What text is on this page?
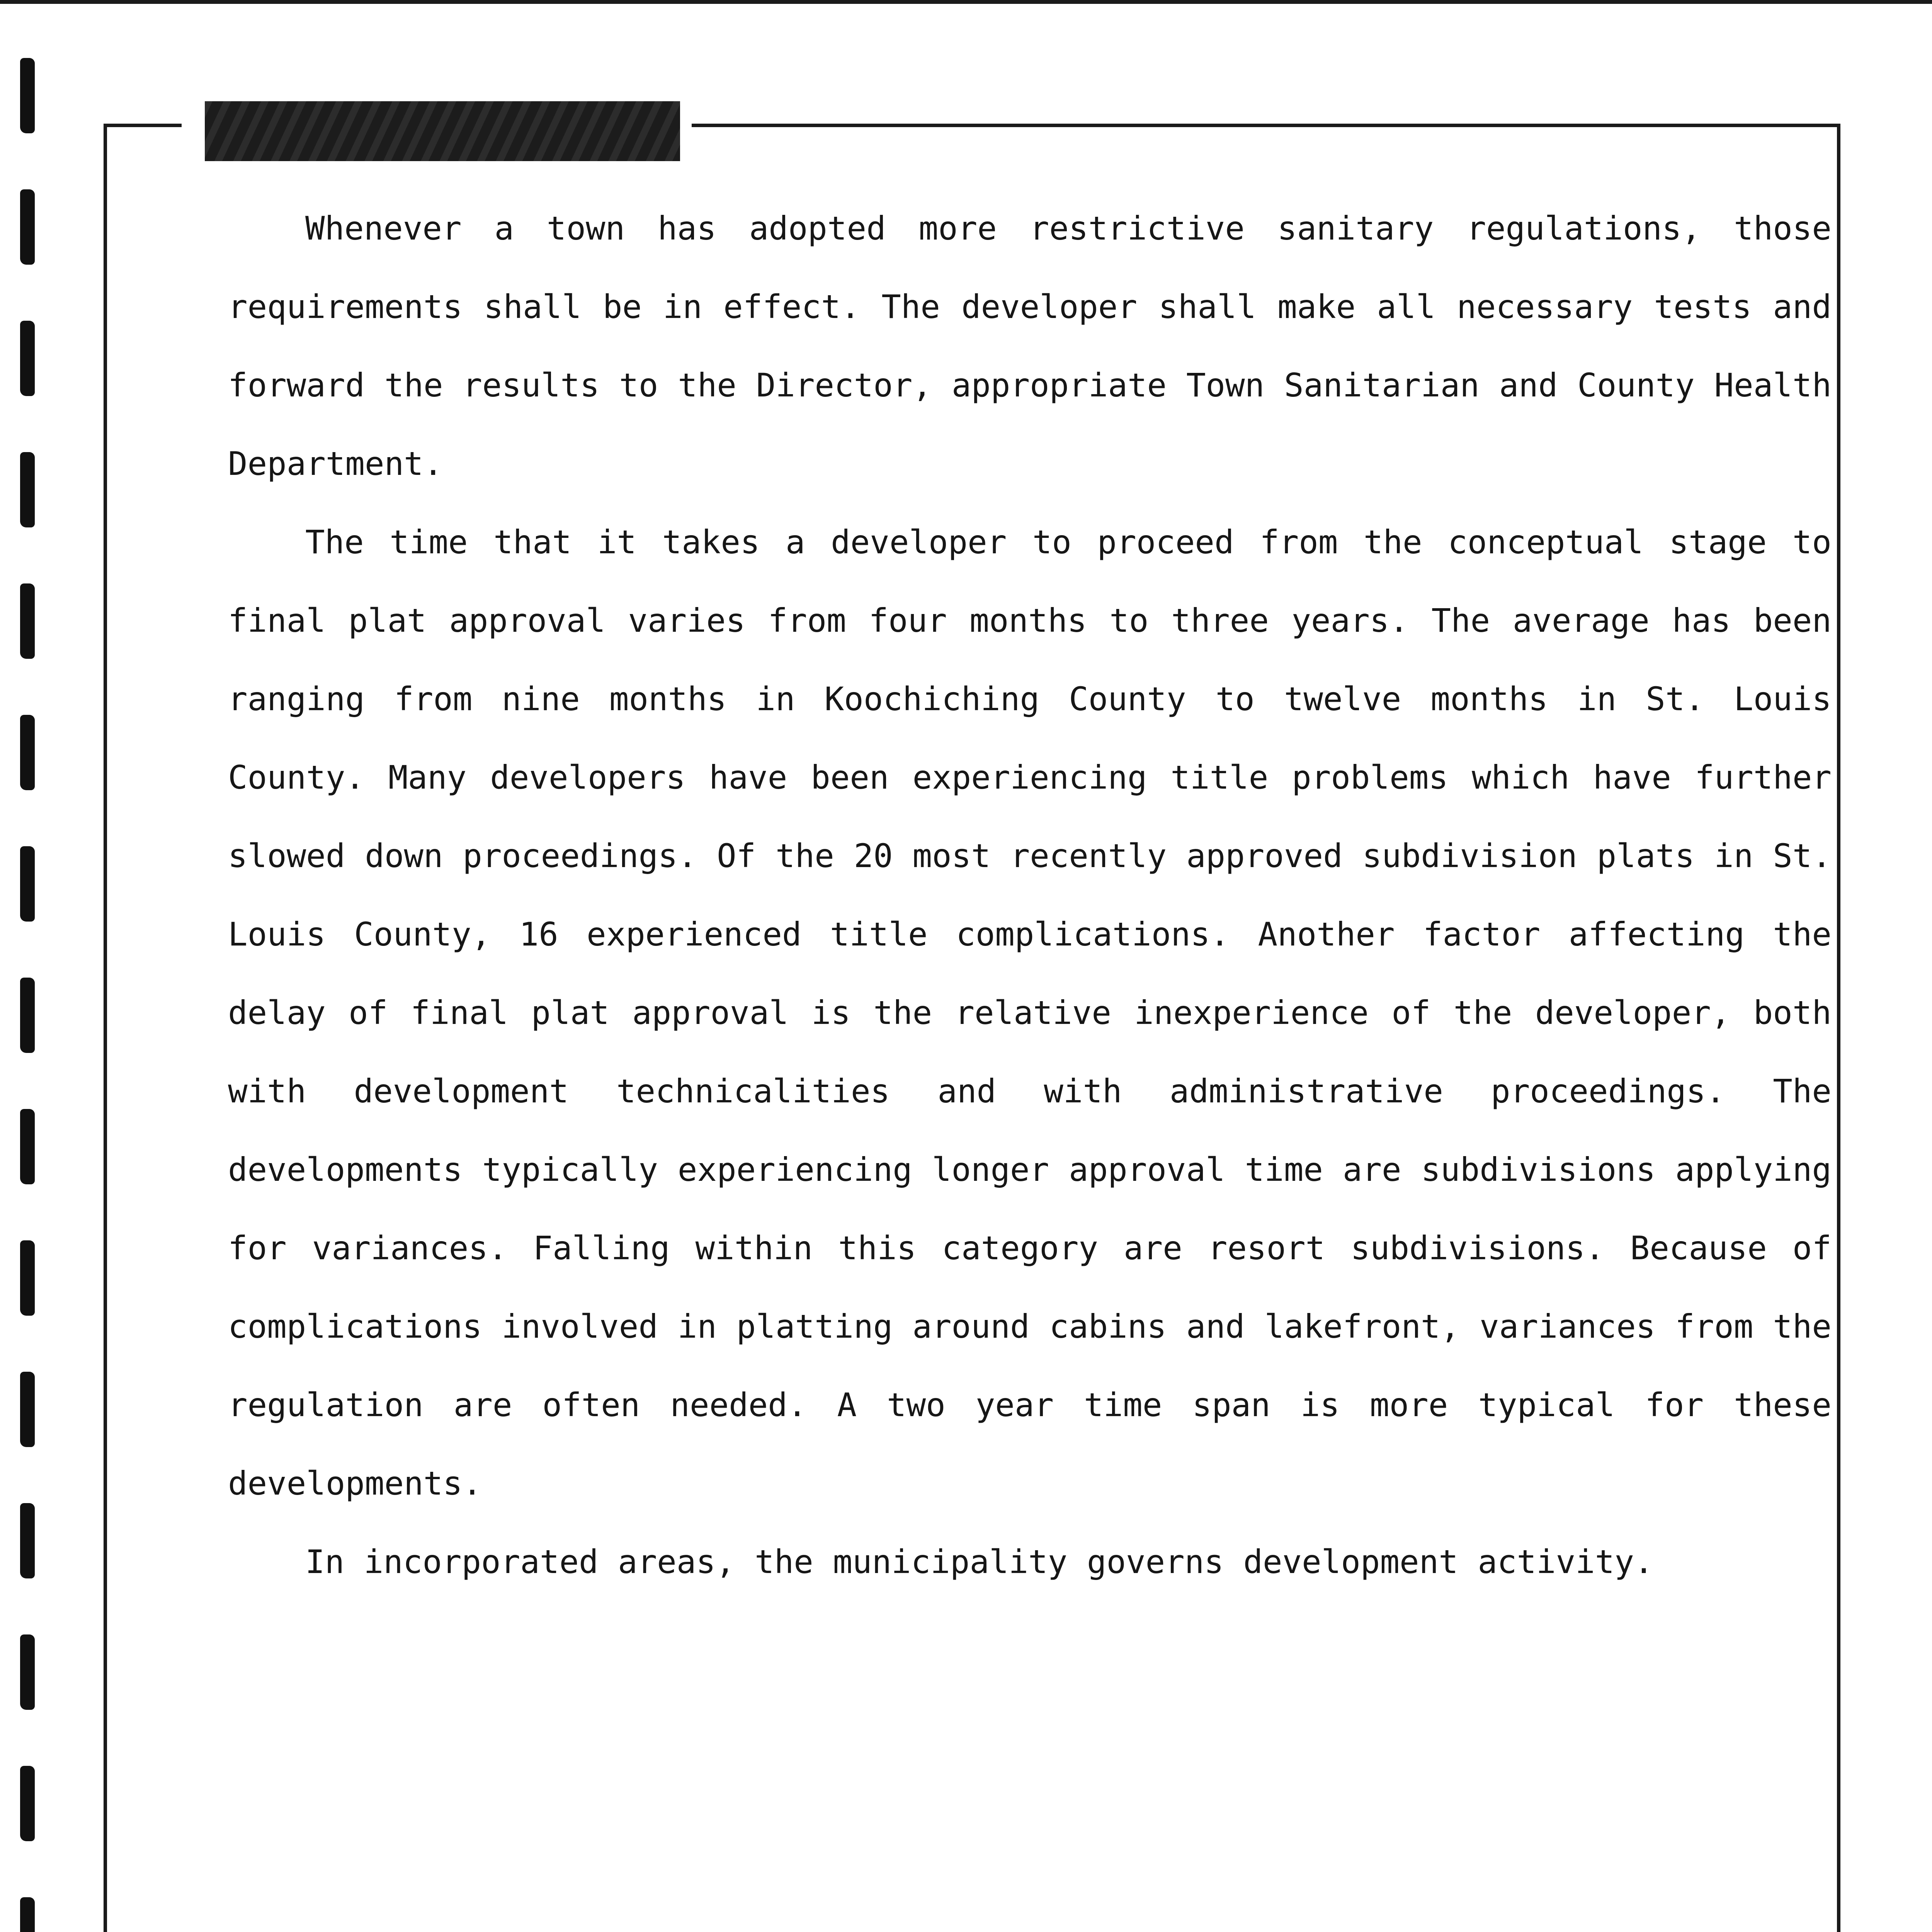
Whenever a town has adopted more restrictive sanitary regulations, those requirements shall be in effect. The developer shall make all necessary tests and forward the results to the Director, appropriate Town Sanitarian and County Health Department.

The time that it takes a developer to proceed from the conceptual stage to final plat approval varies from four months to three years. The average has been ranging from nine months in Koochiching County to twelve months in St. Louis County. Many developers have been experiencing title problems which have further slowed down proceedings. Of the 20 most recently approved subdivision plats in St. Louis County, 16 experienced title complications. Another factor affecting the delay of final plat approval is the relative inexperience of the developer, both with development technicalities and with administrative proceedings. The developments typically experiencing longer approval time are subdivisions applying for variances. Falling within this category are resort subdivisions. Because of complications involved in platting around cabins and lakefront, variances from the regulation are often needed. A two year time span is more typical for these developments.

In incorporated areas, the municipality governs development activity.
